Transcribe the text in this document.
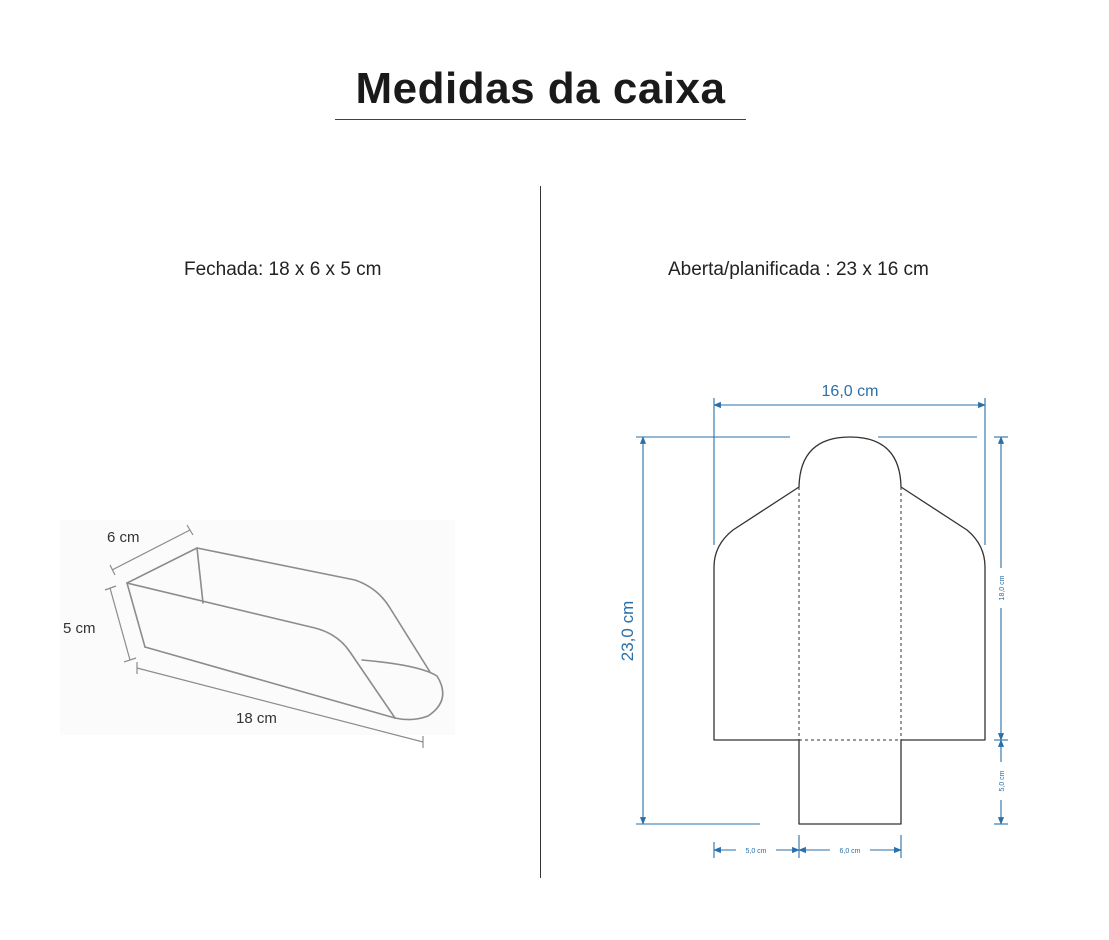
Medidas da caixa
Fechada: 18 x 6 x 5 cm	Aberta/planificada : 23 x 16 cm
6 cm
5 cm
18 cm
16,0 cm
23,0 cm
18,0 cm
5,0 cm
5,0 cm	6,0 cm
